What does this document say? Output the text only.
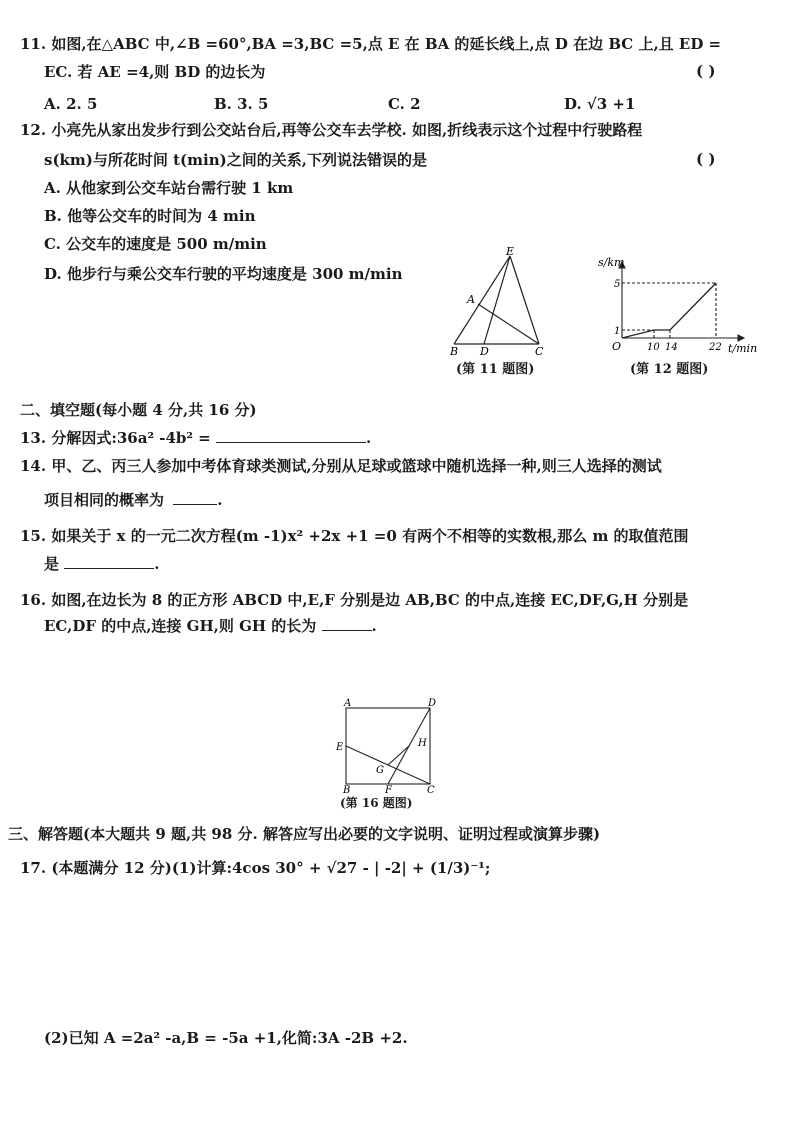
11. 如图,在△ABC 中,∠B =60°,BA =3,BC =5,点 E 在 BA 的延长线上,点 D 在边 BC 上,且 ED =
EC. 若 AE =4,则 BD 的边长为	( )
A. 2. 5	B. 3. 5	C. 2	D. √3 +1
12. 小亮先从家出发步行到公交站台后,再等公交车去学校. 如图,折线表示这个过程中行驶路程
s(km)与所花时间 t(min)之间的关系,下列说法错误的是	( )
A. 从他家到公交车站台需行驶 1 km
B. 他等公交车的时间为 4 min
C. 公交车的速度是 500 m/min
D. 他步行与乘公交车行驶的平均速度是 300 m/min
E
A
B D	C
(第 11 题图)
s/km
t/min
O
1
5
10 14	22
(第 12 题图)
二、填空题(每小题 4 分,共 16 分)
13. 分解因式:36a² -4b² =	.
14. 甲、乙、丙三人参加中考体育球类测试,分别从足球或篮球中随机选择一种,则三人选择的测试
项目相同的概率为	.
15. 如果关于 x 的一元二次方程(m -1)x² +2x +1 =0 有两个不相等的实数根,那么 m 的取值范围
是	.
16. 如图,在边长为 8 的正方形 ABCD 中,E,F 分别是边 AB,BC 的中点,连接 EC,DF,G,H 分别是
EC,DF 的中点,连接 GH,则 GH 的长为	.
A	D
E	H
G
B	F	C
(第 16 题图)
三、解答题(本大题共 9 题,共 98 分. 解答应写出必要的文字说明、证明过程或演算步骤)
17. (本题满分 12 分)(1)计算:4cos 30° + √27 - | -2| + (1/3)⁻¹;
(2)已知 A =2a² -a,B = -5a +1,化简:3A -2B +2.
